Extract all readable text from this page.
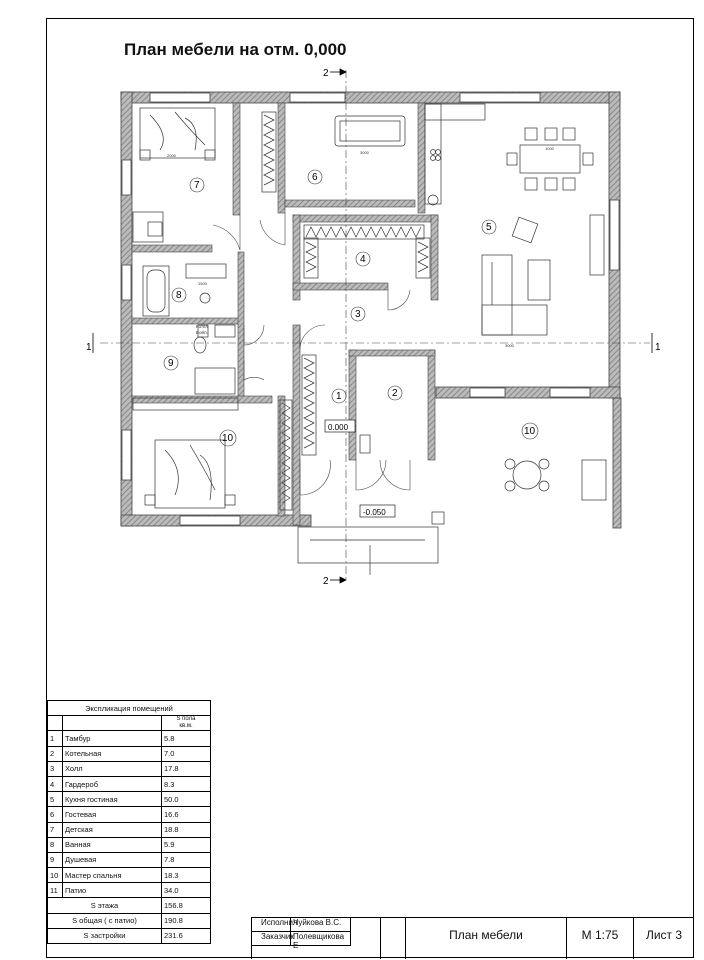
План мебели на отм. 0,000
2
2
1	1
1	2
3
4
5
6
7
8
9
10
10
0.000
-0.050
3000
1000
3000
1500
2000
Котел
Бойл.
Экспликация помещений		
		S пола
кв.м.
1	Тамбур	5.8
2	Котельная	7.0
3	Холл	17.8
4	Гардероб	8.3
5	Кухня гостиная	50.0
6	Гостевая	16.6
7	Детская	18.8
8	Ванная	5.9
9	Душевая	7.8
10	Мастер спальня	18.3
11	Патио	34.0
S этажа		156.8
S общая ( с патио)		190.8
S застройки		231.6
Исполнил
Чуйкова В.С.
Заказчик Полевщикова Е
План мебели	М 1:75	Лист 3
